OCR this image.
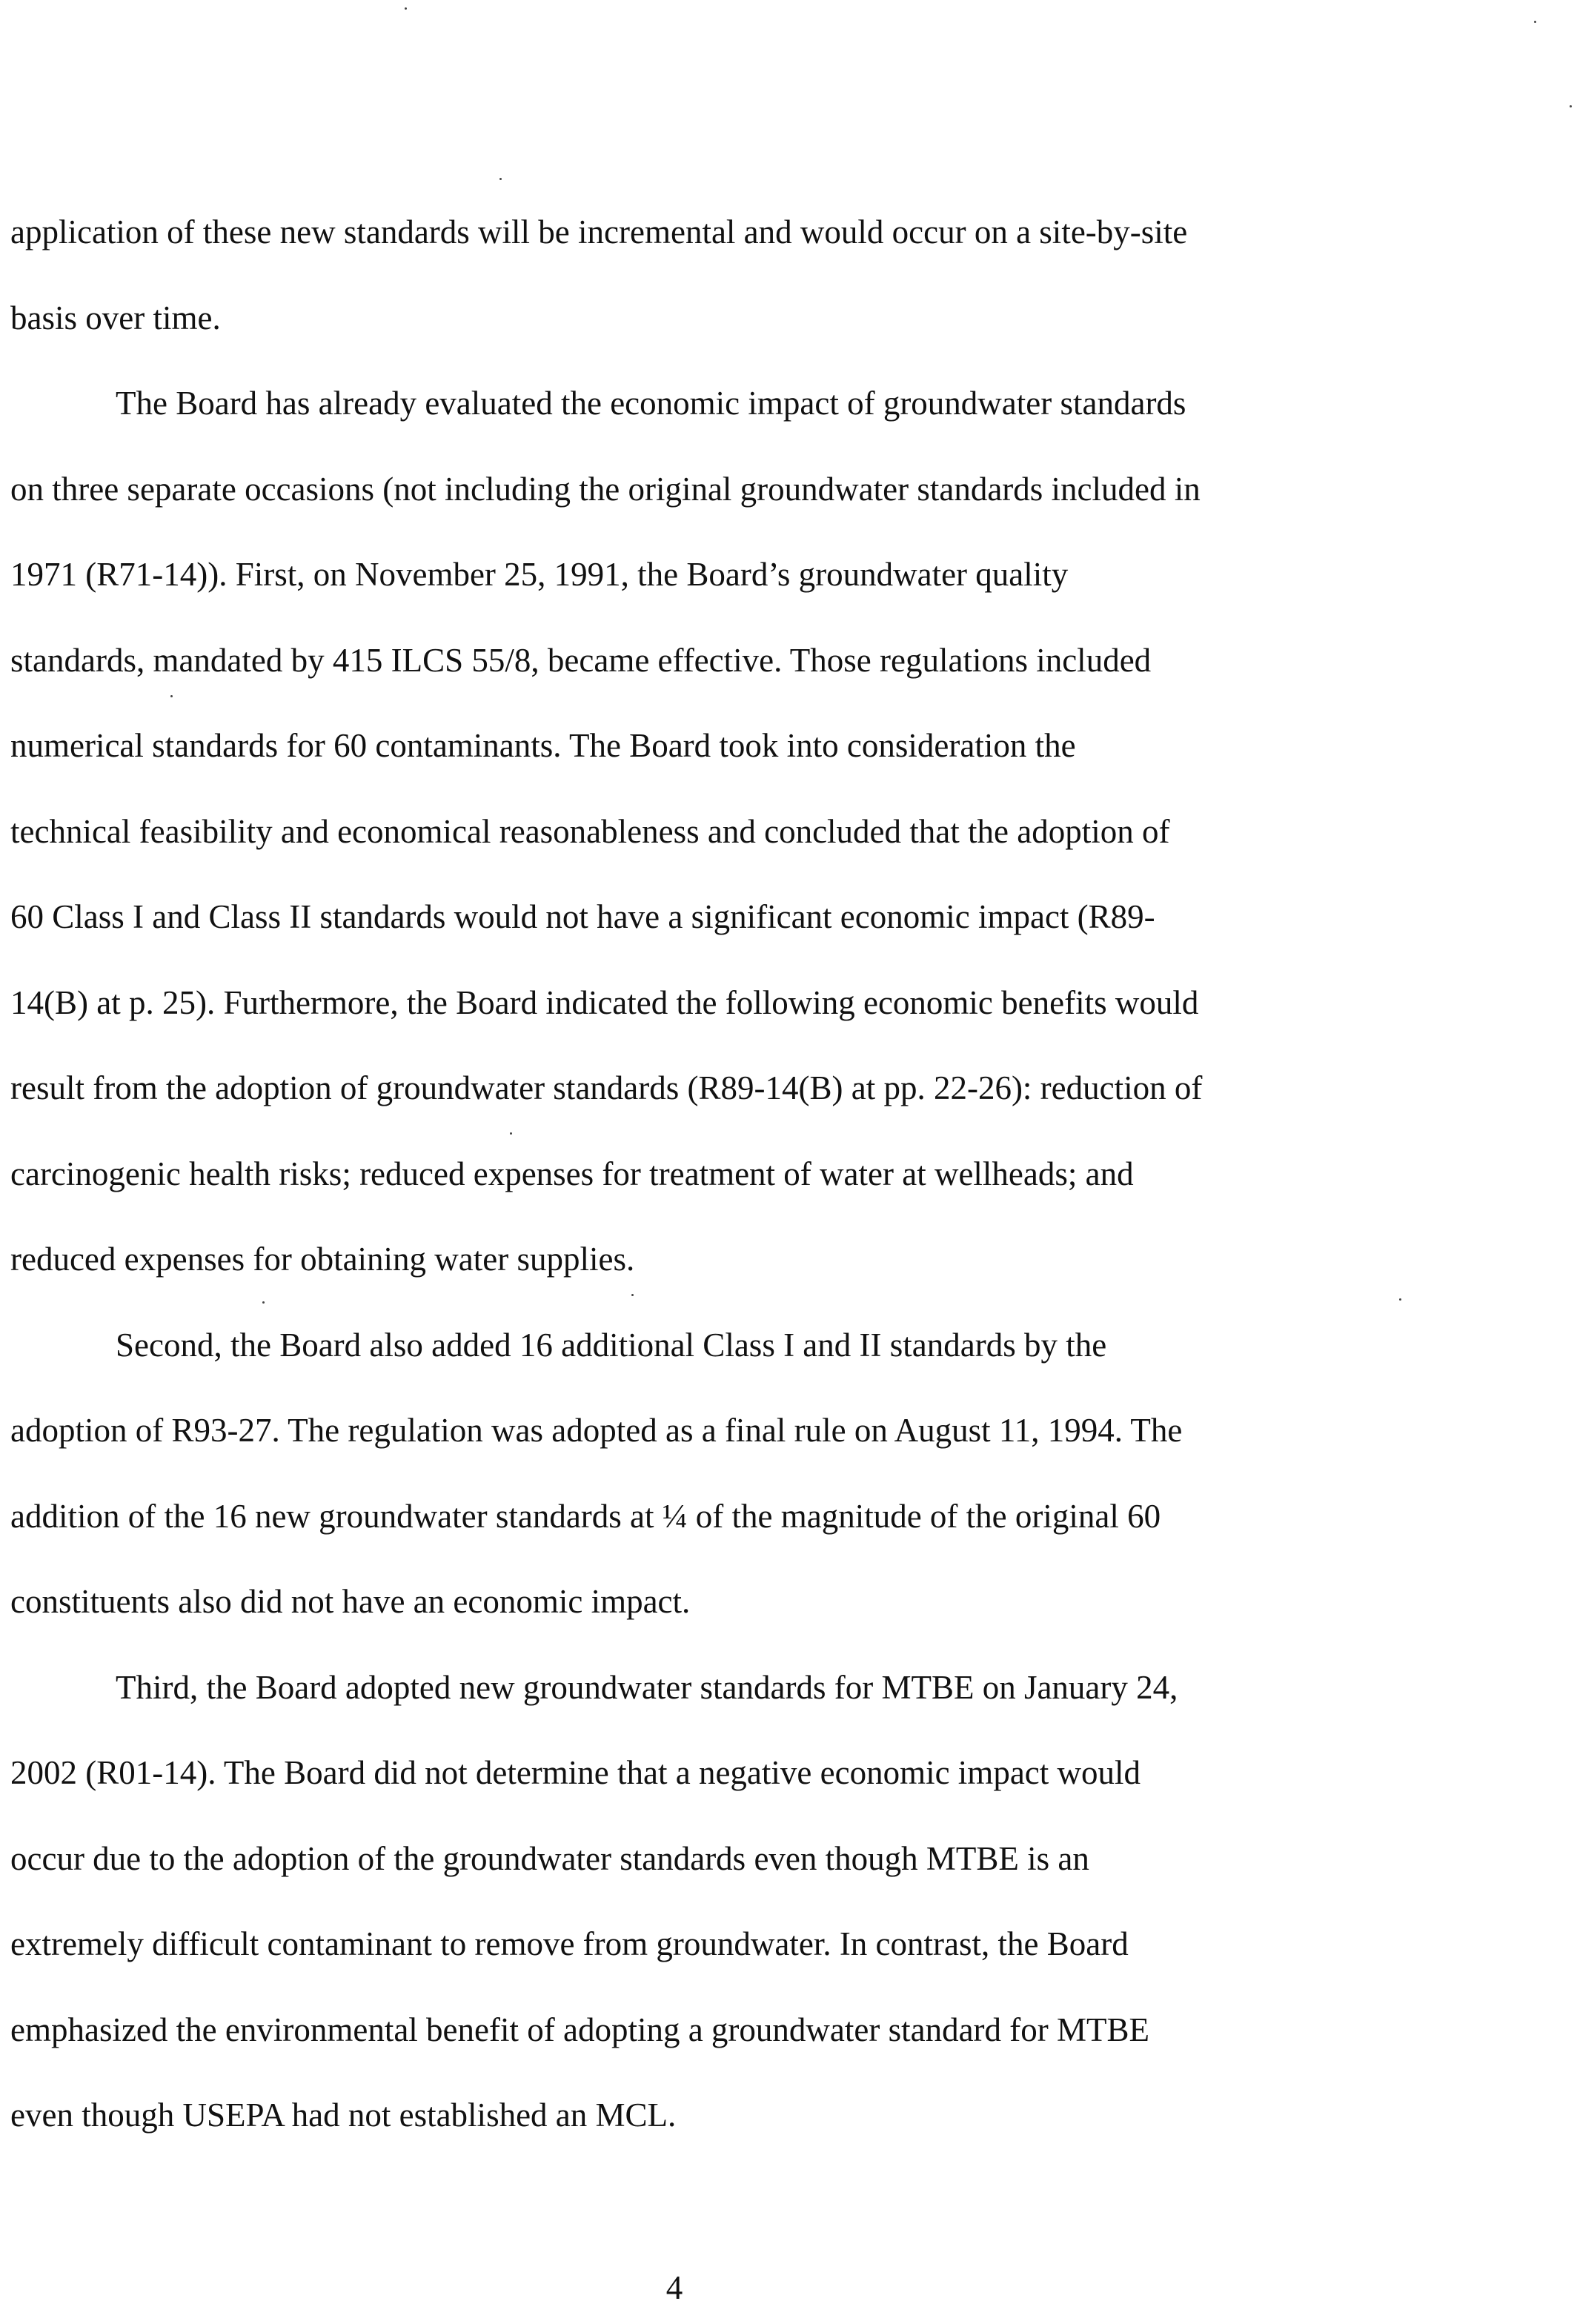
application of these new standards will be incremental and would occur on a site-by-site
basis over time.
The Board has already evaluated the economic impact of groundwater standards
on three separate occasions (not including the original groundwater standards included in
1971 (R71-14)). First, on November 25, 1991, the Board’s groundwater quality
standards, mandated by 415 ILCS 55/8, became effective. Those regulations included
numerical standards for 60 contaminants. The Board took into consideration the
technical feasibility and economical reasonableness and concluded that the adoption of
60 Class I and Class II standards would not have a significant economic impact (R89-
14(B) at p. 25). Furthermore, the Board indicated the following economic benefits would
result from the adoption of groundwater standards (R89-14(B) at pp. 22-26): reduction of
carcinogenic health risks; reduced expenses for treatment of water at wellheads; and
reduced expenses for obtaining water supplies.
Second, the Board also added 16 additional Class I and II standards by the
adoption of R93-27. The regulation was adopted as a final rule on August 11, 1994. The
addition of the 16 new groundwater standards at ¼ of the magnitude of the original 60
constituents also did not have an economic impact.
Third, the Board adopted new groundwater standards for MTBE on January 24,
2002 (R01-14). The Board did not determine that a negative economic impact would
occur due to the adoption of the groundwater standards even though MTBE is an
extremely difficult contaminant to remove from groundwater. In contrast, the Board
emphasized the environmental benefit of adopting a groundwater standard for MTBE
even though USEPA had not established an MCL.
4
